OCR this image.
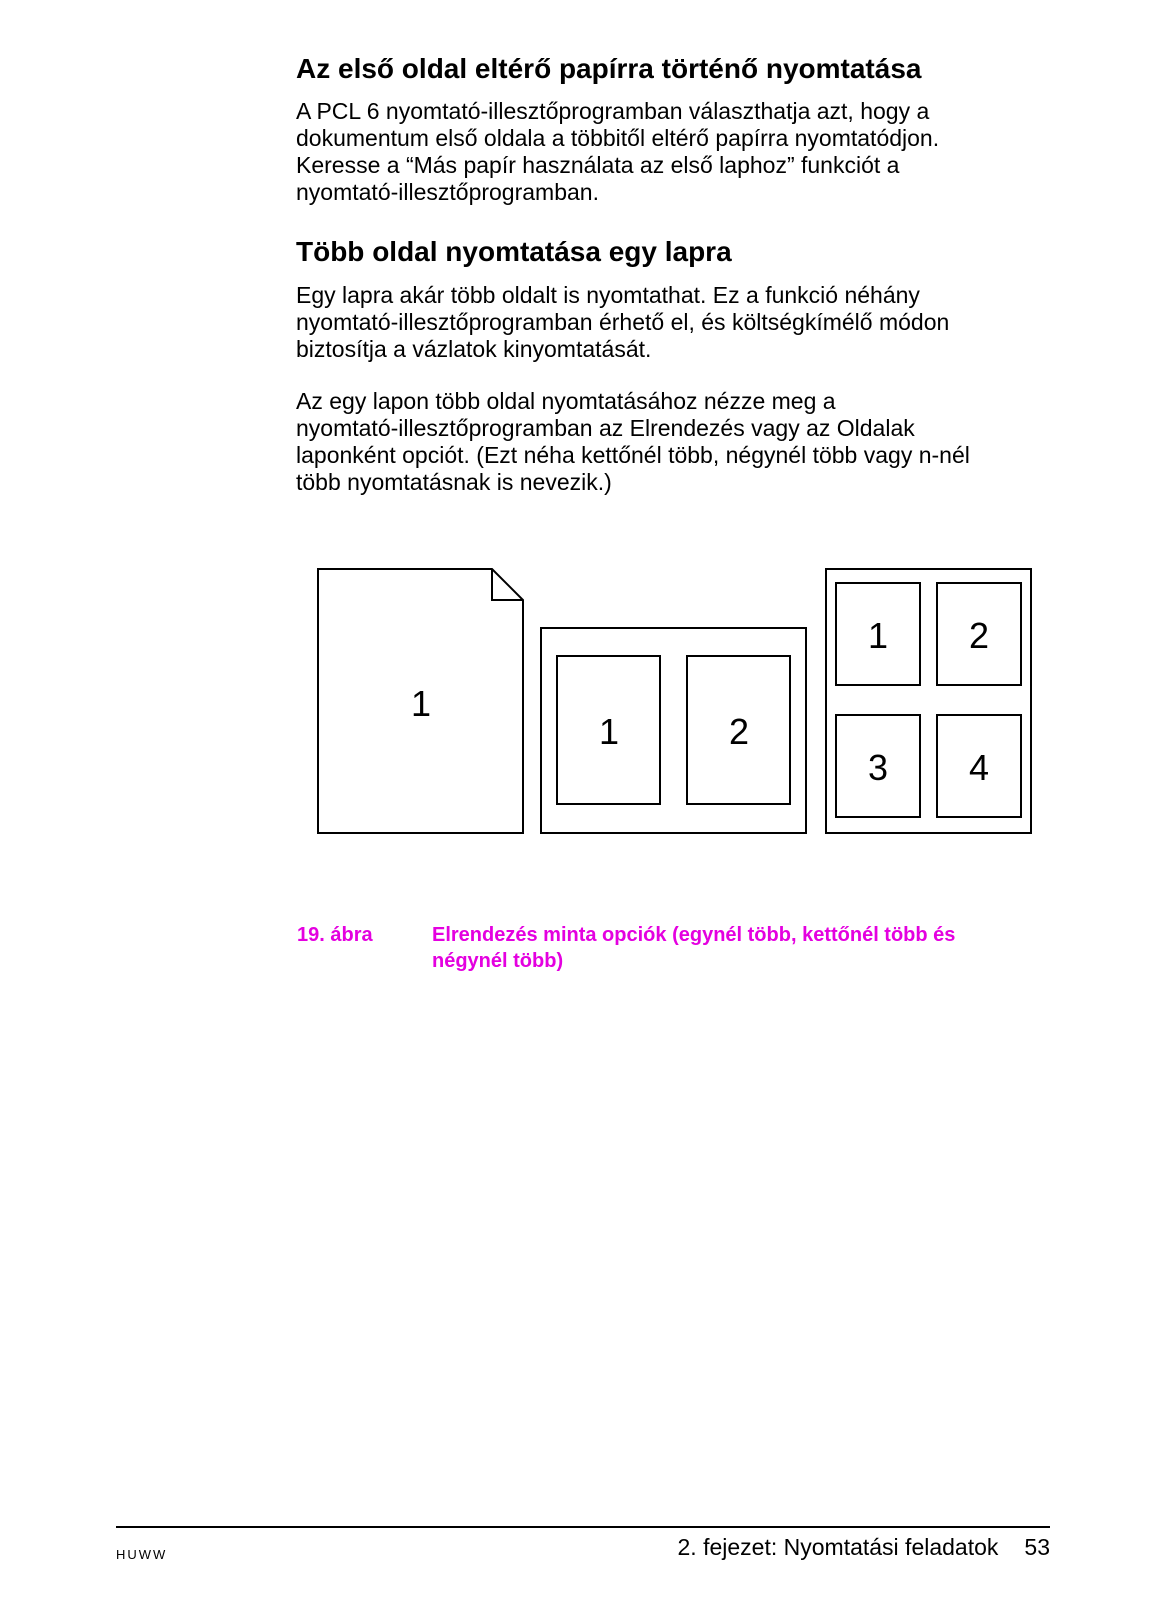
Az első oldal eltérő papírra történő nyomtatása

A PCL 6 nyomtató-illesztőprogramban választhatja azt, hogy a
dokumentum első oldala a többitől eltérő papírra nyomtatódjon.
Keresse a “Más papír használata az első laphoz” funkciót a
nyomtató-illesztőprogramban.

Több oldal nyomtatása egy lapra

Egy lapra akár több oldalt is nyomtathat. Ez a funkció néhány
nyomtató-illesztőprogramban érhető el, és költségkímélő módon
biztosítja a vázlatok kinyomtatását.

Az egy lapon több oldal nyomtatásához nézze meg a
nyomtató-illesztőprogramban az Elrendezés vagy az Oldalak
laponként opciót. (Ezt néha kettőnél több, négynél több vagy n-nél
több nyomtatásnak is nevezik.)

1
1	2
1 2
3 4
19. ábra	Elrendezés minta opciók (egynél több, kettőnél több és
négynél több)
HUWW	2. fejezet: Nyomtatási feladatok 53
